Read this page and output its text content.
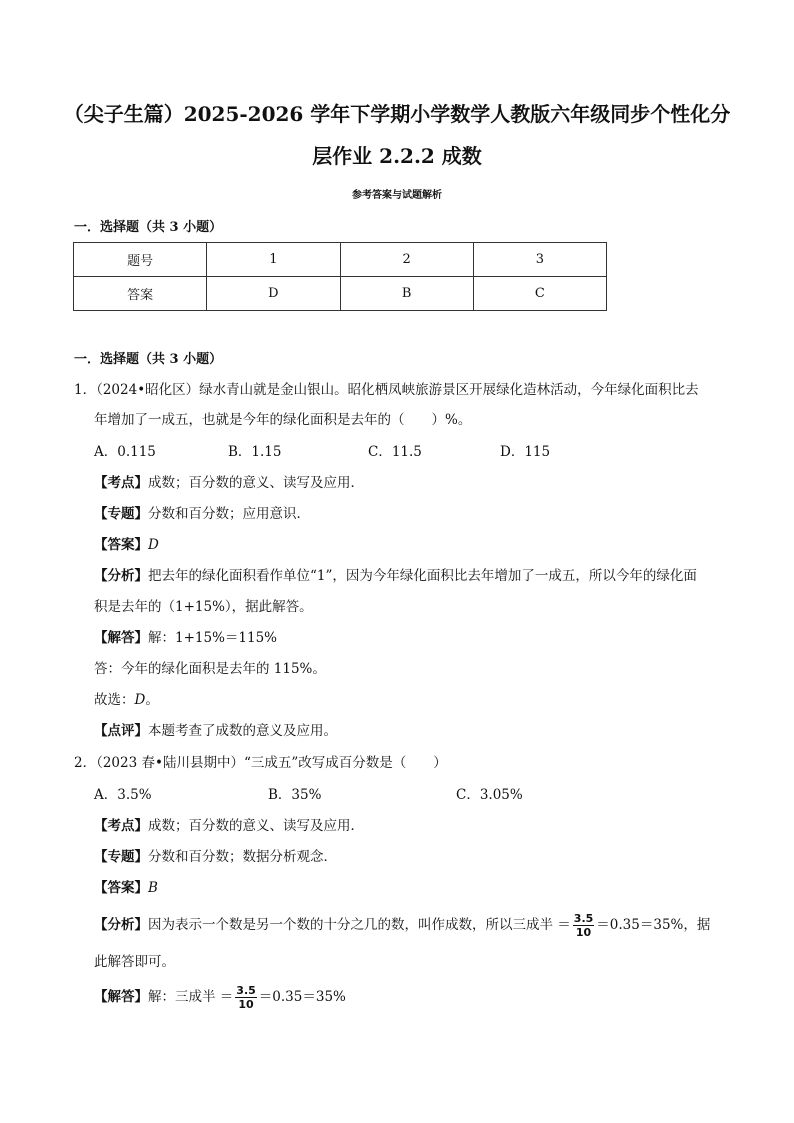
（尖子生篇）2025-2026 学年下学期小学数学人教版六年级同步个性化分
层作业 2.2.2 成数
参考答案与试题解析
一．选择题（共 3 小题）
题号	1	2	3
答案	D	B	C
一．选择题（共 3 小题）
1．（2024•昭化区）绿水青山就是金山银山。昭化栖凤峡旅游景区开展绿化造林活动，今年绿化面积比去
年增加了一成五，也就是今年的绿化面积是去年的（　　）%。
A．0.115	B．1.15	C．11.5	D．115
【考点】成数；百分数的意义、读写及应用．
【专题】分数和百分数；应用意识．
【答案】D
【分析】把去年的绿化面积看作单位“1”，因为今年绿化面积比去年增加了一成五，所以今年的绿化面
积是去年的（1+15%），据此解答。
【解答】解：1+15%＝115%
答：今年的绿化面积是去年的 115%。
故选：D。
【点评】本题考查了成数的意义及应用。
2．（2023 春•陆川县期中）“三成五”改写成百分数是（　　）
A．3.5%	B．35%	C．3.05%
【考点】成数；百分数的意义、读写及应用．
【专题】分数和百分数；数据分析观念．
【答案】B
【分析】因为表示一个数是另一个数的十分之几的数，叫作成数，所以三成半 ＝ $\frac{3.5}{10} =0.35=35\%$，据
此解答即可。
【解答】解：三成半 ＝ $\frac{3.5}{10} =0.35=35\%$
